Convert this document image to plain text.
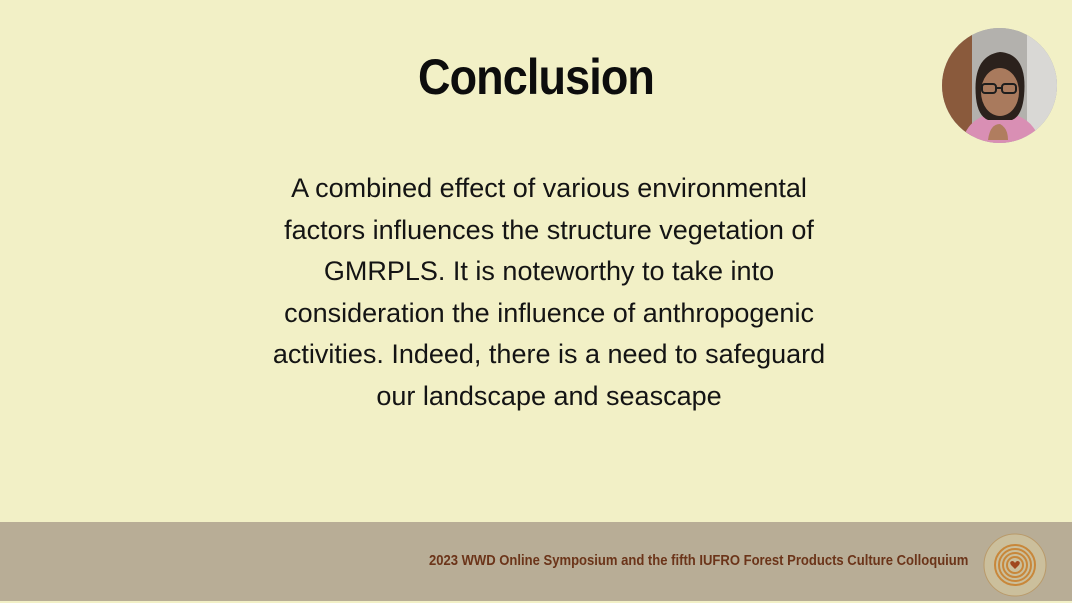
Conclusion
A combined effect of various environmental
factors influences the structure vegetation of
GMRPLS. It is noteworthy to take into
consideration the influence of anthropogenic
activities. Indeed, there is a need to safeguard
our landscape and seascape
2023 WWD Online Symposium and the fifth IUFRO Forest Products Culture Colloquium
